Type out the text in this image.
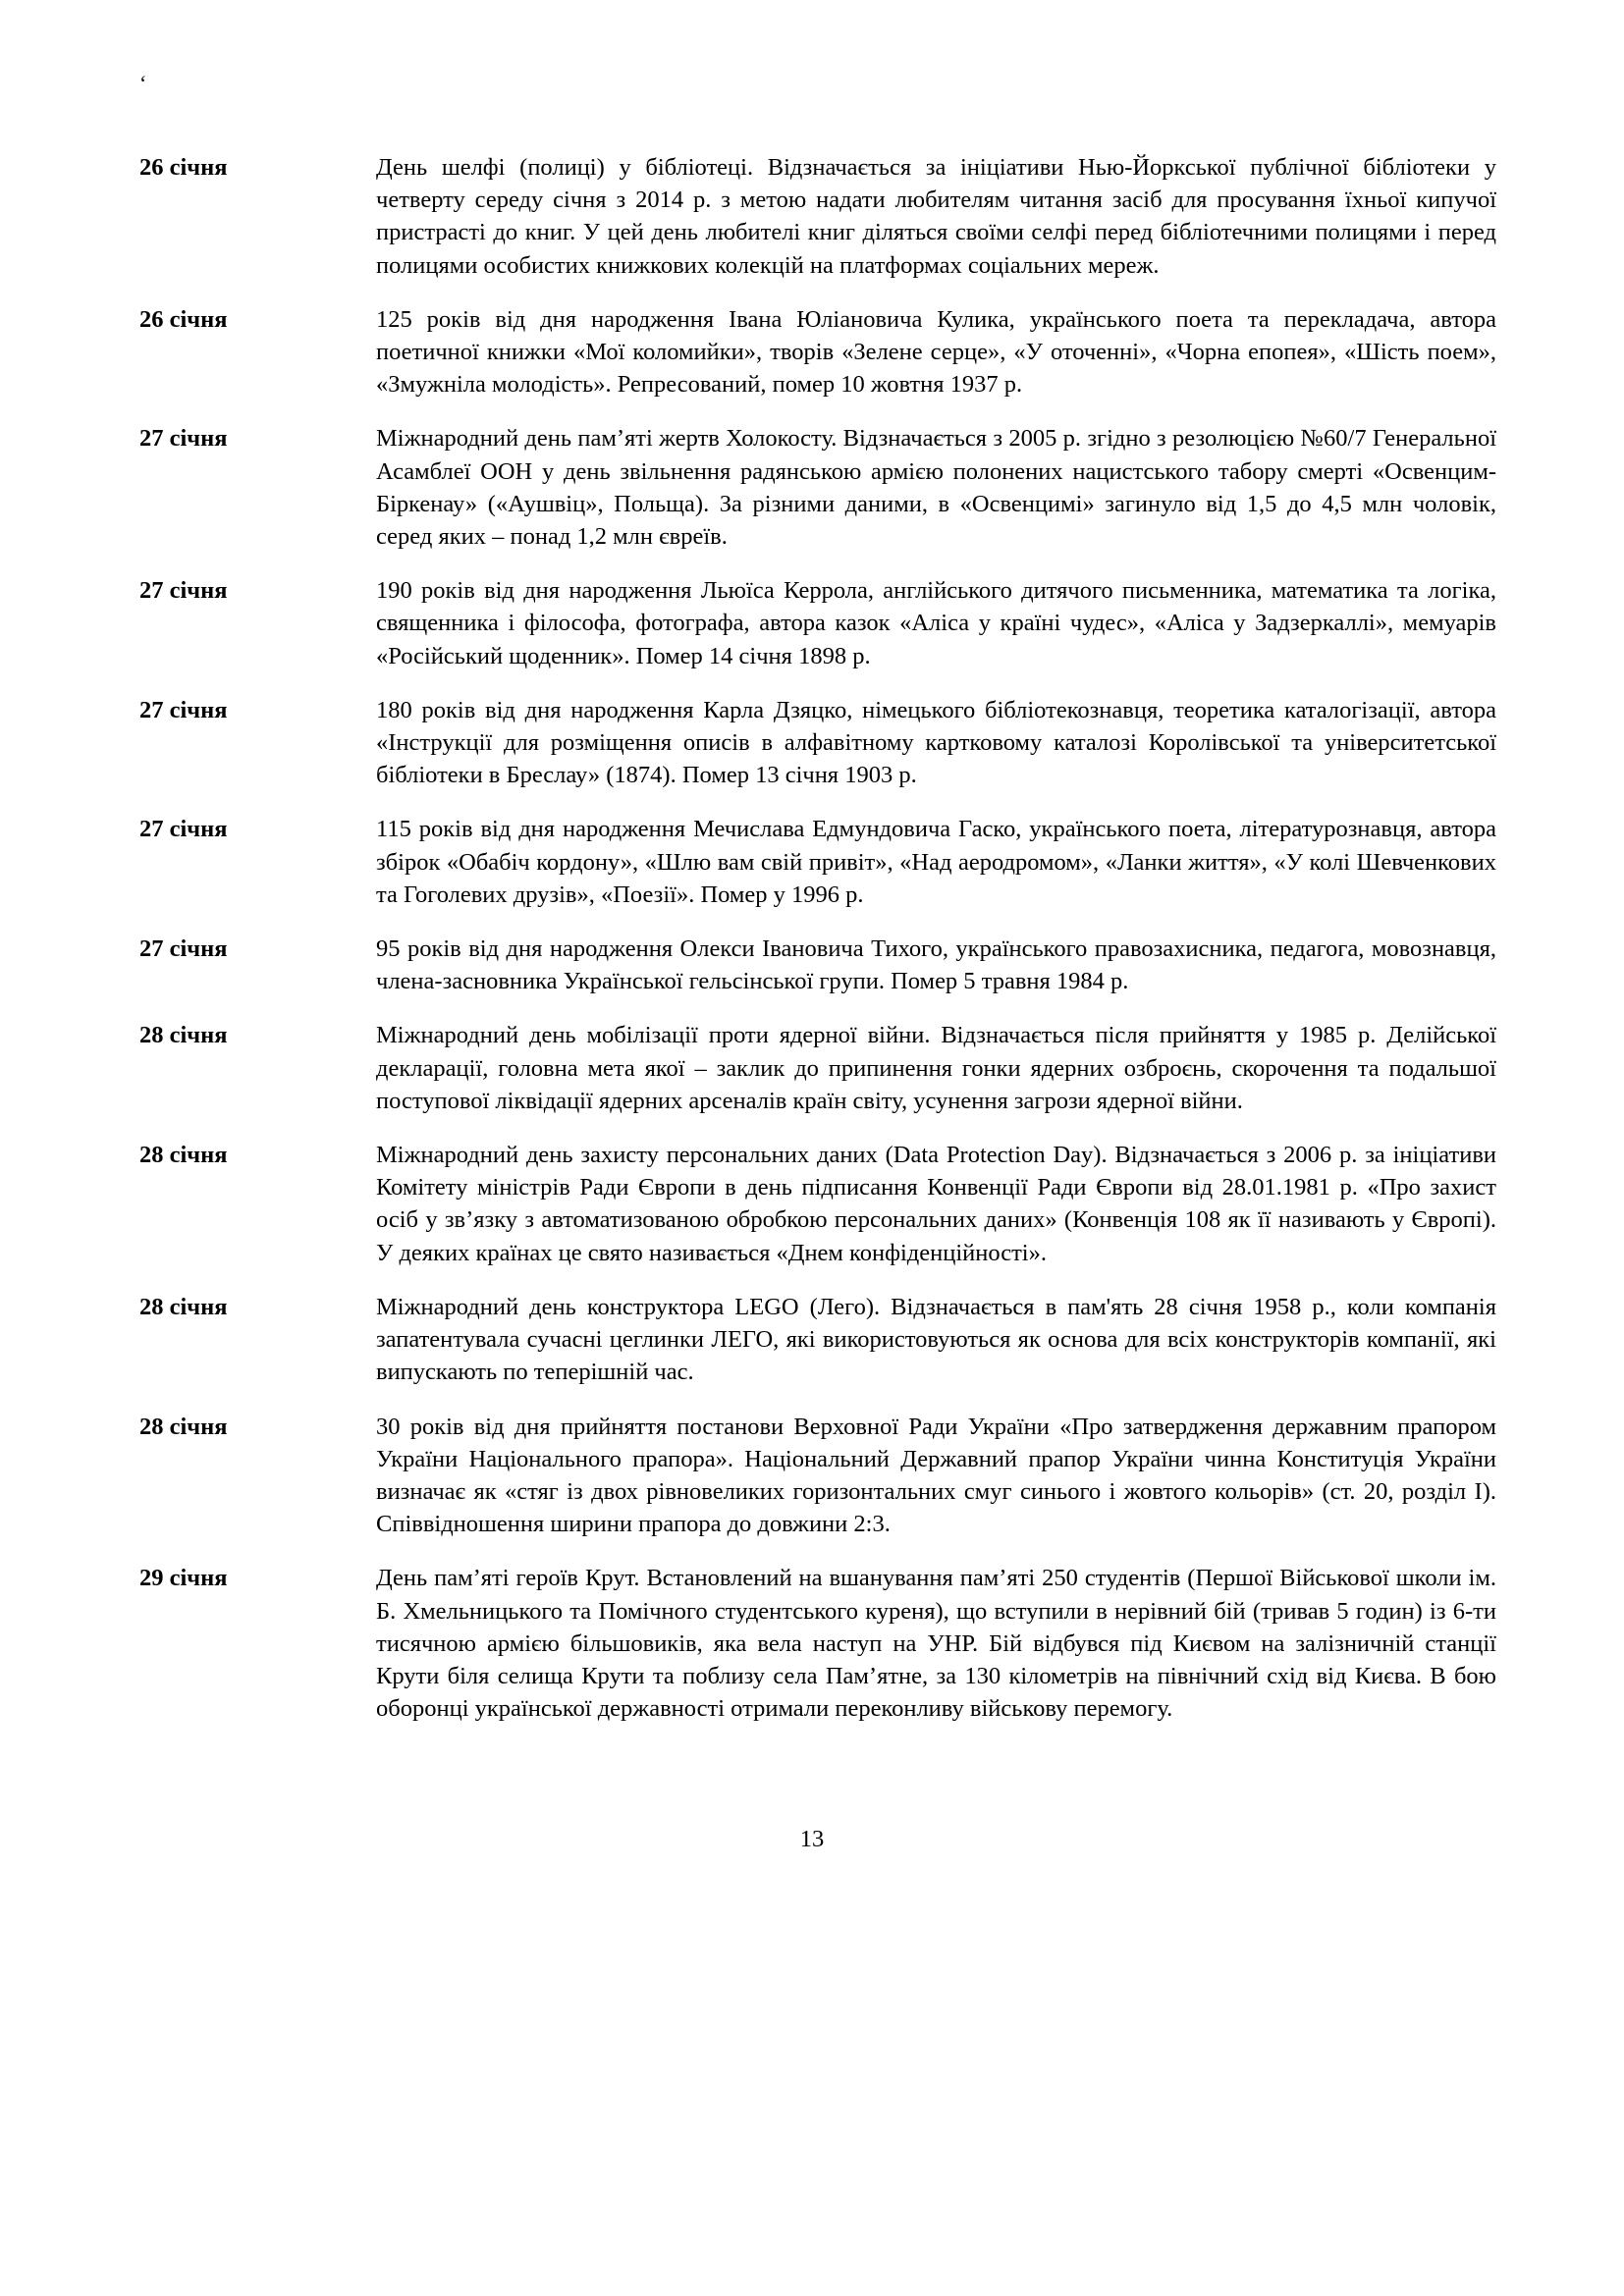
‘
26 січня	День шелфі (полиці) у бібліотеці. Відзначається за ініціативи Нью-Йоркської публічної бібліотеки у четверту середу січня з 2014 р. з метою надати любителям читання засіб для просування їхньої кипучої пристрасті до книг. У цей день любителі книг діляться своїми селфі перед бібліотечними полицями і перед полицями особистих книжкових колекцій на платформах соціальних мереж.
26 січня	125 років від дня народження Івана Юліановича Кулика, українського поета та перекладача, автора поетичної книжки «Мої коломийки», творів «Зелене серце», «У оточенні», «Чорна епопея», «Шість поем», «Змужніла молодість». Репресований, помер 10 жовтня 1937 р.
27 січня	Міжнародний день пам’яті жертв Холокосту. Відзначається з 2005 р. згідно з резолюцією №60/7 Генеральної Асамблеї ООН у день звільнення радянською армією полонених нацистського табору смерті «Освенцим-Біркенау» («Аушвіц», Польща). За різними даними, в «Освенцимі» загинуло від 1,5 до 4,5 млн чоловік, серед яких – понад 1,2 млн євреїв.
27 січня	190 років від дня народження Льюїса Керрола, англійського дитячого письменника, математика та логіка, священника і філософа, фотографа, автора казок «Аліса у країні чудес», «Аліса у Задзеркаллі», мемуарів «Російський щоденник». Помер 14 січня 1898 р.
27 січня	180 років від дня народження Карла Дзяцко, німецького бібліотекознавця, теоретика каталогізації, автора «Інструкції для розміщення описів в алфавітному картковому каталозі Королівської та університетської бібліотеки в Бреслау» (1874). Помер 13 січня 1903 р.
27 січня	115 років від дня народження Мечислава Едмундовича Гаско, українського поета, літературознавця, автора збірок «Обабіч кордону», «Шлю вам свій привіт», «Над аеродромом», «Ланки життя», «У колі Шевченкових та Гоголевих друзів», «Поезії». Помер у 1996 р.
27 січня	95 років від дня народження Олекси Івановича Тихого, українського правозахисника, педагога, мовознавця, члена-засновника Української гельсінської групи. Помер 5 травня 1984 р.
28 січня	Міжнародний день мобілізації проти ядерної війни. Відзначається після прийняття у 1985 р. Делійської декларації, головна мета якої – заклик до припинення гонки ядерних озброєнь, скорочення та подальшої поступової ліквідації ядерних арсеналів країн світу, усунення загрози ядерної війни.
28 січня	Міжнародний день захисту персональних даних (Data Protection Day). Відзначається з 2006 р. за ініціативи Комітету міністрів Ради Європи в день підписання Конвенції Ради Європи від 28.01.1981 р. «Про захист осіб у зв’язку з автоматизованою обробкою персональних даних» (Конвенція 108 як її називають у Європі). У деяких країнах це свято називається «Днем конфіденційності».
28 січня	Міжнародний день конструктора LEGO (Лего). Відзначається в пам'ять 28 січня 1958 р., коли компанія запатентувала сучасні цеглинки ЛЕГО, які використовуються як основа для всіх конструкторів компанії, які випускають по теперішній час.
28 січня	30 років від дня прийняття постанови Верховної Ради України «Про затвердження державним прапором України Національного прапора». Національний Державний прапор України чинна Конституція України визначає як «стяг із двох рівновеликих горизонтальних смуг синього і жовтого кольорів» (ст. 20, розділ I). Співвідношення ширини прапора до довжини 2:3.
29 січня	День пам’яті героїв Крут. Встановлений на вшанування пам’яті 250 студентів (Першої Військової школи ім. Б. Хмельницького та Помічного студентського куреня), що вступили в нерівний бій (тривав 5 годин) із 6-ти тисячною армією більшовиків, яка вела наступ на УНР. Бій відбувся під Києвом на залізничній станції Крути біля селища Крути та поблизу села Пам’ятне, за 130 кілометрів на північний схід від Києва. В бою оборонці української державності отримали переконливу військову перемогу.
13
